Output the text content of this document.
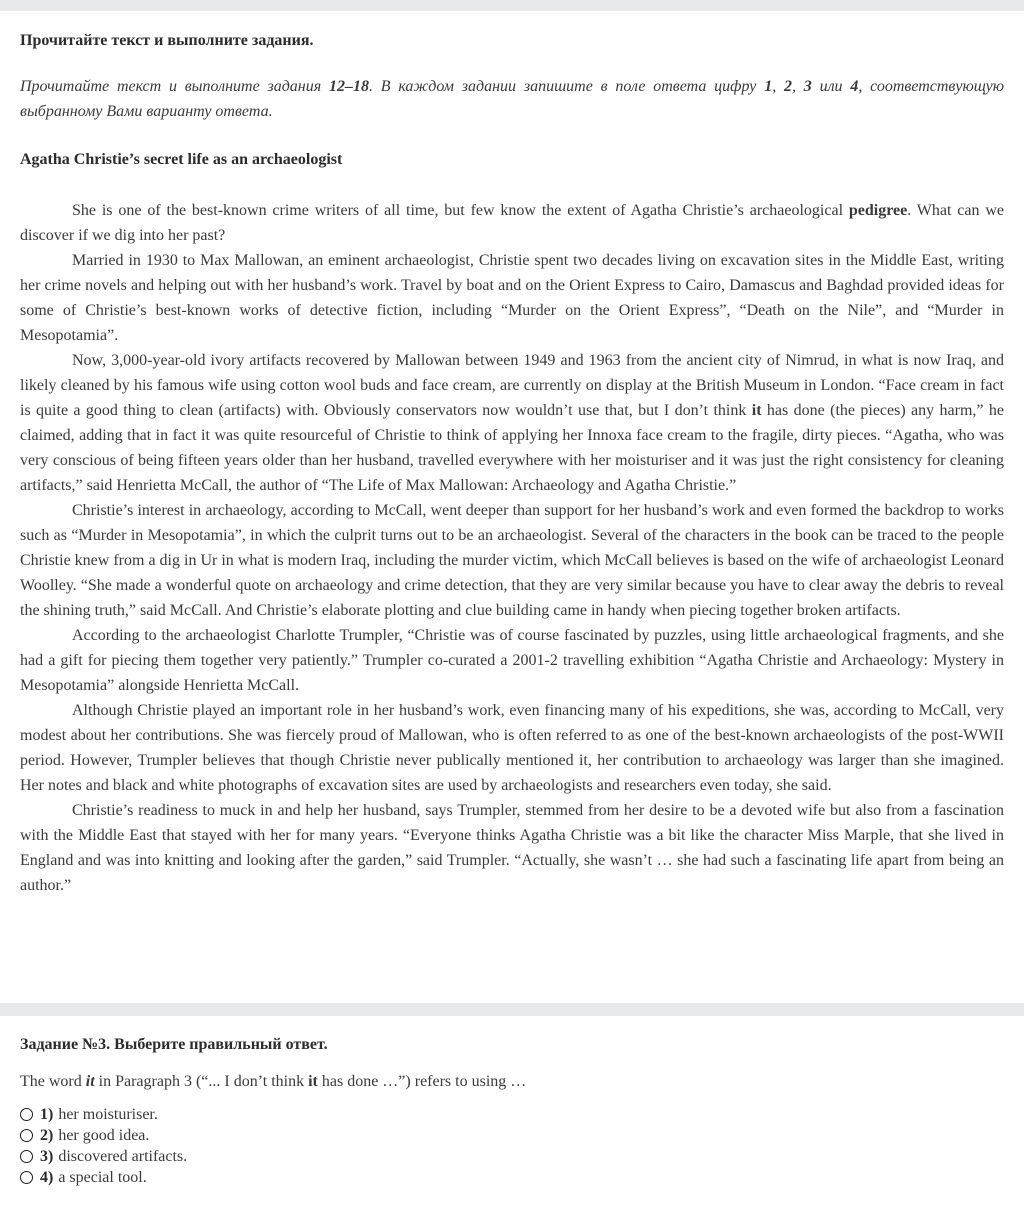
Прочитайте текст и выполните задания.

Прочитайте текст и выполните задания 12–18. В каждом задании запишите в поле ответа цифру 1, 2, 3 или 4, соответствующую выбранному Вами варианту ответа.

Agatha Christie’s secret life as an archaeologist

She is one of the best-known crime writers of all time, but few know the extent of Agatha Christie’s archaeological pedigree. What can we discover if we dig into her past?

Married in 1930 to Max Mallowan, an eminent archaeologist, Christie spent two decades living on excavation sites in the Middle East, writing her crime novels and helping out with her husband’s work. Travel by boat and on the Orient Express to Cairo, Damascus and Baghdad provided ideas for some of Christie’s best-known works of detective fiction, including “Murder on the Orient Express”, “Death on the Nile”, and “Murder in Mesopotamia”.

Now, 3,000-year-old ivory artifacts recovered by Mallowan between 1949 and 1963 from the ancient city of Nimrud, in what is now Iraq, and likely cleaned by his famous wife using cotton wool buds and face cream, are currently on display at the British Museum in London. “Face cream in fact is quite a good thing to clean (artifacts) with. Obviously conservators now wouldn’t use that, but I don’t think it has done (the pieces) any harm,” he claimed, adding that in fact it was quite resourceful of Christie to think of applying her Innoxa face cream to the fragile, dirty pieces. “Agatha, who was very conscious of being fifteen years older than her husband, travelled everywhere with her moisturiser and it was just the right consistency for cleaning artifacts,” said Henrietta McCall, the author of “The Life of Max Mallowan: Archaeology and Agatha Christie.”

Christie’s interest in archaeology, according to McCall, went deeper than support for her husband’s work and even formed the backdrop to works such as “Murder in Mesopotamia”, in which the culprit turns out to be an archaeologist. Several of the characters in the book can be traced to the people Christie knew from a dig in Ur in what is modern Iraq, including the murder victim, which McCall believes is based on the wife of archaeologist Leonard Woolley. “She made a wonderful quote on archaeology and crime detection, that they are very similar because you have to clear away the debris to reveal the shining truth,” said McCall. And Christie’s elaborate plotting and clue building came in handy when piecing together broken artifacts.

According to the archaeologist Charlotte Trumpler, “Christie was of course fascinated by puzzles, using little archaeological fragments, and she had a gift for piecing them together very patiently.” Trumpler co-curated a 2001-2 travelling exhibition “Agatha Christie and Archaeology: Mystery in Mesopotamia” alongside Henrietta McCall.

Although Christie played an important role in her husband’s work, even financing many of his expeditions, she was, according to McCall, very modest about her contributions. She was fiercely proud of Mallowan, who is often referred to as one of the best-known archaeologists of the post-WWII period. However, Trumpler believes that though Christie never publically mentioned it, her contribution to archaeology was larger than she imagined. Her notes and black and white photographs of excavation sites are used by archaeologists and researchers even today, she said.

Christie’s readiness to muck in and help her husband, says Trumpler, stemmed from her desire to be a devoted wife but also from a fascination with the Middle East that stayed with her for many years. “Everyone thinks Agatha Christie was a bit like the character Miss Marple, that she lived in England and was into knitting and looking after the garden,” said Trumpler. “Actually, she wasn’t … she had such a fascinating life apart from being an author.”

Задание №3. Выберите правильный ответ.

The word it in Paragraph 3 (“... I don’t think it has done …”) refers to using …

1) her moisturiser.
2) her good idea.
3) discovered artifacts.
4) a special tool.
